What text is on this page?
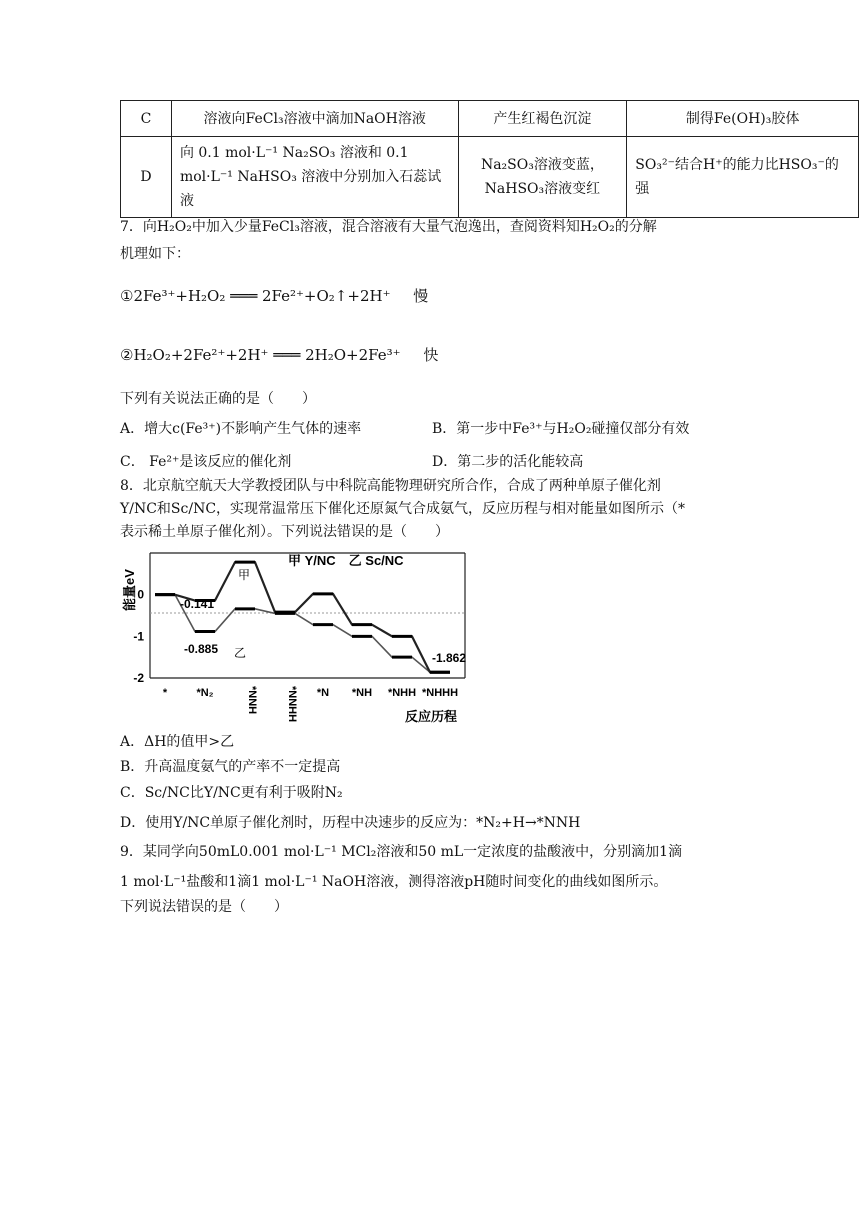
C	溶液向FeCl₃溶液中滴加NaOH溶液	产生红褐色沉淀	制得Fe(OH)₃胶体
D	向 0.1 mol·L⁻¹ Na₂SO₃ 溶液和 0.1 mol·L⁻¹ NaHSO₃ 溶液中分别加入石蕊试液	Na₂SO₃溶液变蓝，NaHSO₃溶液变红	SO₃²⁻结合H⁺的能力比HSO₃⁻的强
7．向H₂O₂中加入少量FeCl₃溶液，混合溶液有大量气泡逸出，查阅资料知H₂O₂的分解
机理如下：
①2Fe³⁺+H₂O₂ ═══ 2Fe²⁺+O₂↑+2H⁺ 慢
②H₂O₂+2Fe²⁺+2H⁺ ═══ 2H₂O+2Fe³⁺ 快
下列有关说法正确的是（　　）
A．增大c(Fe³⁺)不影响产生气体的速率	B．第一步中Fe³⁺与H₂O₂碰撞仅部分有效
C． Fe²⁺是该反应的催化剂	D．第二步的活化能较高
8．北京航空航天大学教授团队与中科院高能物理研究所合作，合成了两种单原子催化剂
Y/NC和Sc/NC，实现常温常压下催化还原氮气合成氨气，反应历程与相对能量如图所示（*
表示稀土单原子催化剂）。下列说法错误的是（　　）
能量eV
甲 Y/NC　乙 Sc/NC
0
-1
-2
*	*N₂	*NNH	*NNHH *N *NH *NHH *NHHH
-0.141
-0.885
-1.862
甲
乙
反应历程
A．ΔH的值甲>乙
B．升高温度氨气的产率不一定提高
C．Sc/NC比Y/NC更有利于吸附N₂
D．使用Y/NC单原子催化剂时，历程中决速步的反应为：*N₂+H→*NNH
9．某同学向50mL0.001 mol·L⁻¹ MCl₂溶液和50 mL一定浓度的盐酸液中，分别滴加1滴
1 mol·L⁻¹盐酸和1滴1 mol·L⁻¹ NaOH溶液，测得溶液pH随时间变化的曲线如图所示。
下列说法错误的是（　　）
